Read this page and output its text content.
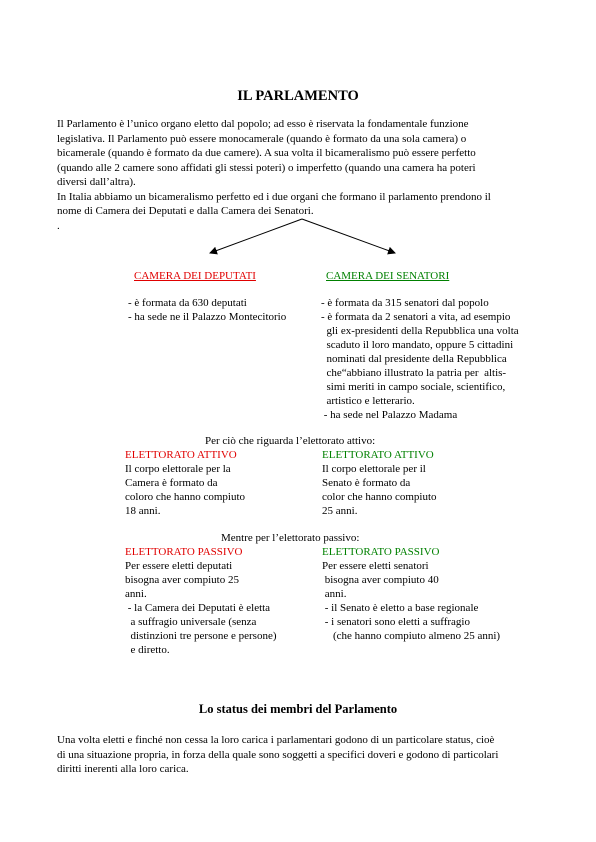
IL PARLAMENTO
Il Parlamento è l’unico organo eletto dal popolo; ad esso è riservata la fondamentale funzione
legislativa. Il Parlamento può essere monocamerale (quando è formato da una sola camera) o
bicamerale (quando è formato da due camere). A sua volta il bicameralismo può essere perfetto
(quando alle 2 camere sono affidati gli stessi poteri) o imperfetto (quando una camera ha poteri
diversi dall’altra).
In Italia abbiamo un bicameralismo perfetto ed i due organi che formano il parlamento prendono il
nome di Camera dei Deputati e dalla Camera dei Senatori.
.
CAMERA DEI DEPUTATI
- è formata da 630 deputati
- ha sede ne il Palazzo Montecitorio
CAMERA DEI SENATORI
- è formata da 315 senatori dal popolo
- è formata da 2 senatori a vita, ad esempio
gli ex-presidenti della Repubblica una volta
scaduto il loro mandato, oppure 5 cittadini
nominati dal presidente della Repubblica
che“abbiano illustrato la patria per  altis-
simi meriti in campo sociale, scientifico,
artistico e letterario.
- ha sede nel Palazzo Madama
Per ciò che riguarda l’elettorato attivo:
ELETTORATO ATTIVO
Il corpo elettorale per la
Camera è formato da
coloro che hanno compiuto
18 anni.
ELETTORATO ATTIVO
Il corpo elettorale per il
Senato è formato da
color che hanno compiuto
25 anni.
Mentre per l’elettorato passivo:
ELETTORATO PASSIVO
Per essere eletti deputati
bisogna aver compiuto 25
anni.
- la Camera dei Deputati è eletta
a suffragio universale (senza
distinzioni tre persone e persone)
e diretto.
ELETTORATO PASSIVO
Per essere eletti senatori
bisogna aver compiuto 40
anni.
- il Senato è eletto a base regionale
- i senatori sono eletti a suffragio
(che hanno compiuto almeno 25 anni)
Lo status dei membri del Parlamento
Una volta eletti e finché non cessa la loro carica i parlamentari godono di un particolare status, cioè
di una situazione propria, in forza della quale sono soggetti a specifici doveri e godono di particolari
diritti inerenti alla loro carica.
